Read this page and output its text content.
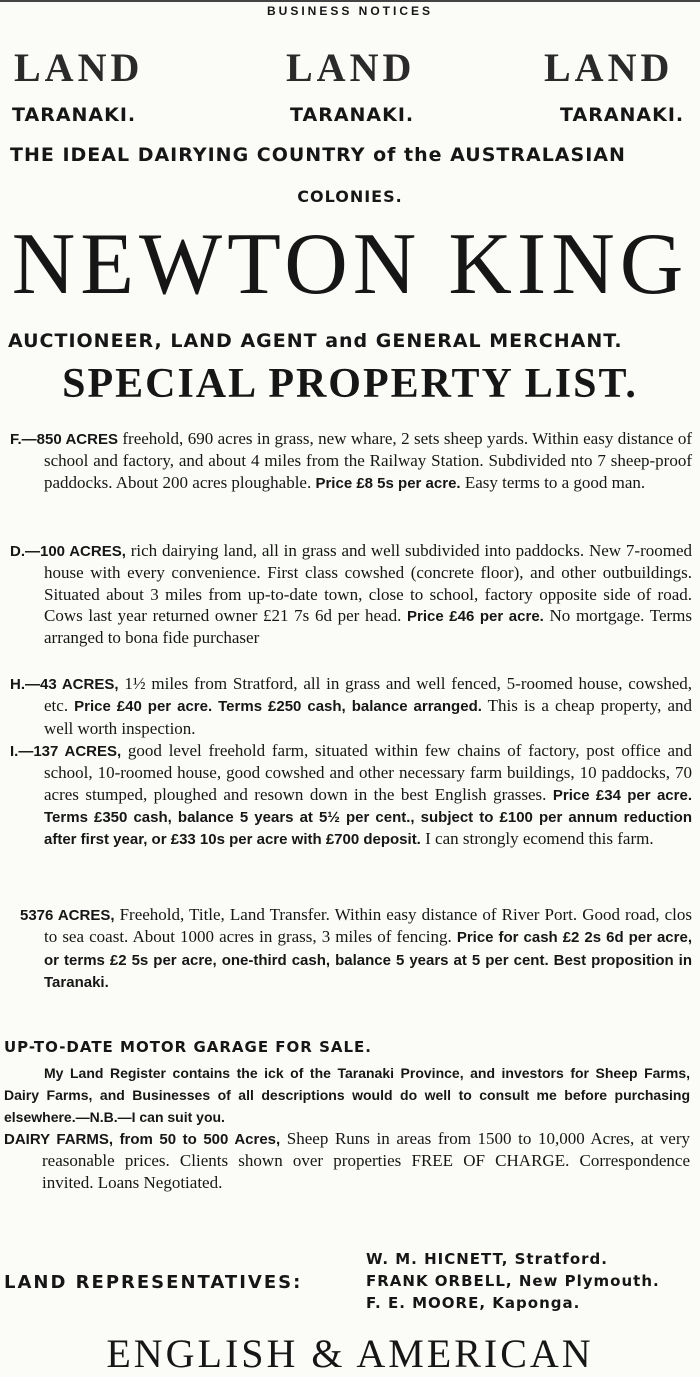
BUSINESS NOTICES
LAND	LAND	LAND
TARANAKI.	TARANAKI.	TARANAKI.
THE IDEAL DAIRYING COUNTRY of the AUSTRALASIAN
COLONIES.
NEWTON KING
AUCTIONEER, LAND AGENT and GENERAL MERCHANT.
SPECIAL PROPERTY LIST.
F.—850 ACRES freehold, 690 acres in grass, new whare, 2 sets sheep yards. Within easy distance of school and factory, and about 4 miles from the Railway Station. Subdivided nto 7 sheep-proof paddocks. About 200 acres ploughable. Price £8 5s per acre. Easy terms to a good man.
D.—100 ACRES, rich dairying land, all in grass and well subdivided into paddocks. New 7-roomed house with every convenience. First class cowshed (concrete floor), and other outbuildings. Situated about 3 miles from up-to-date town, close to school, factory opposite side of road. Cows last year returned owner £21 7s 6d per head. Price £46 per acre. No mortgage. Terms arranged to bona fide purchaser
H.—43 ACRES, 1½ miles from Stratford, all in grass and well fenced, 5-roomed house, cowshed, etc. Price £40 per acre. Terms £250 cash, balance arranged. This is a cheap property, and well worth inspection.
I.—137 ACRES, good level freehold farm, situated within few chains of factory, post office and school, 10-roomed house, good cowshed and other necessary farm buildings, 10 paddocks, 70 acres stumped, ploughed and resown down in the best English grasses. Price £34 per acre. Terms £350 cash, balance 5 years at 5½ per cent., subject to £100 per annum reduction after first year, or £33 10s per acre with £700 deposit. I can strongly ecomend this farm.
5376 ACRES, Freehold, Title, Land Transfer. Within easy distance of River Port. Good road, clos to sea coast. About 1000 acres in grass, 3 miles of fencing. Price for cash £2 2s 6d per acre, or terms £2 5s per acre, one-third cash, balance 5 years at 5 per cent. Best proposition in Taranaki.
UP-TO-DATE MOTOR GARAGE FOR SALE.
My Land Register contains the ick of the Taranaki Province, and investors for Sheep Farms, Dairy Farms, and Businesses of all descriptions would do well to consult me before purchasing elsewhere.—N.B.—I can suit you.
DAIRY FARMS, from 50 to 500 Acres, Sheep Runs in areas from 1500 to 10,000 Acres, at very reasonable prices. Clients shown over properties FREE OF CHARGE. Correspondence invited. Loans Negotiated.
LAND REPRESENTATIVES:
W. M. HICNETT, Stratford.
FRANK ORBELL, New Plymouth.
F. E. MOORE, Kaponga.
ENGLISH & AMERICAN
